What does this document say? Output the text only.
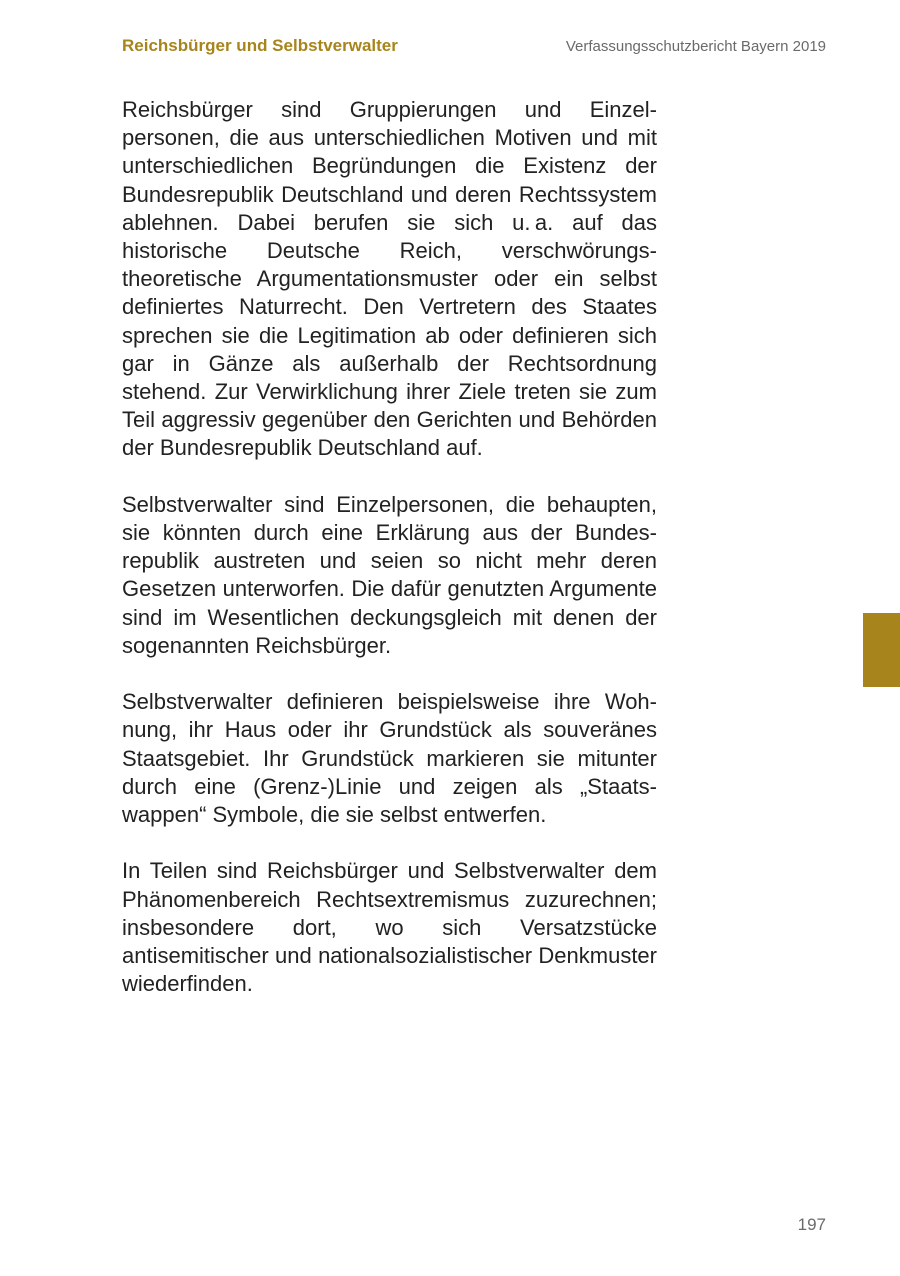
Reichsbürger und Selbstverwalter	Verfassungsschutzbericht Bayern 2019

Reichsbürger sind Gruppierungen und Einzelpersonen, die aus unterschiedlichen Motiven und mit unterschiedlichen Begründungen die Existenz der Bundesrepublik Deutschland und deren Rechtssystem ablehnen. Dabei berufen sie sich u. a. auf das historische Deutsche Reich, verschwörungstheoretische Argumentationsmuster oder ein selbst definiertes Naturrecht. Den Vertretern des Staates sprechen sie die Legitimation ab oder definieren sich gar in Gänze als außerhalb der Rechtsordnung stehend. Zur Verwirklichung ihrer Ziele treten sie zum Teil aggressiv gegenüber den Gerichten und Behörden der Bundesrepublik Deutschland auf.

Selbstverwalter sind Einzelpersonen, die behaupten, sie könnten durch eine Erklärung aus der Bundesrepublik austreten und seien so nicht mehr deren Gesetzen unterworfen. Die dafür genutzten Argumente sind im Wesentlichen deckungsgleich mit denen der sogenannten Reichsbürger.

Selbstverwalter definieren beispielsweise ihre Wohnung, ihr Haus oder ihr Grundstück als souveränes Staatsgebiet. Ihr Grundstück markieren sie mitunter durch eine (Grenz-)Linie und zeigen als „Staatswappen“ Symbole, die sie selbst entwerfen.

In Teilen sind Reichsbürger und Selbstverwalter dem Phänomenbereich Rechtsextremismus zuzurechnen; insbesondere dort, wo sich Versatzstücke antisemitischer und nationalsozialistischer Denkmuster wiederfinden.

197
